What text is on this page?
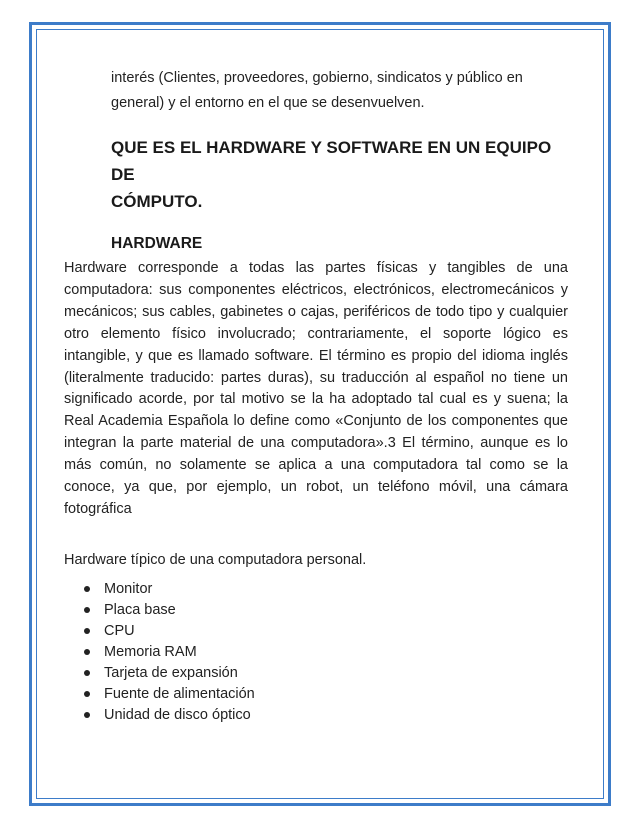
interés (Clientes, proveedores, gobierno, sindicatos y público en
general) y el entorno en el que se desenvuelven.

QUE ES EL HARDWARE Y SOFTWARE EN UN EQUIPO DE
CÓMPUTO.
HARDWARE

Hardware corresponde a todas las partes físicas y tangibles de una computadora: sus componentes eléctricos, electrónicos, electromecánicos y mecánicos; sus cables, gabinetes o cajas, periféricos de todo tipo y cualquier otro elemento físico involucrado; contrariamente, el soporte lógico es intangible, y que es llamado software. El término es propio del idioma inglés (literalmente traducido: partes duras), su traducción al español no tiene un significado acorde, por tal motivo se la ha adoptado tal cual es y suena; la Real Academia Española lo define como «Conjunto de los componentes que integran la parte material de una computadora».3 El término, aunque es lo más común, no solamente se aplica a una computadora tal como se la conoce, ya que, por ejemplo, un robot, un teléfono móvil, una cámara fotográfica

Hardware típico de una computadora personal.

Monitor
Placa base
CPU
Memoria RAM
Tarjeta de expansión
Fuente de alimentación
Unidad de disco óptico
